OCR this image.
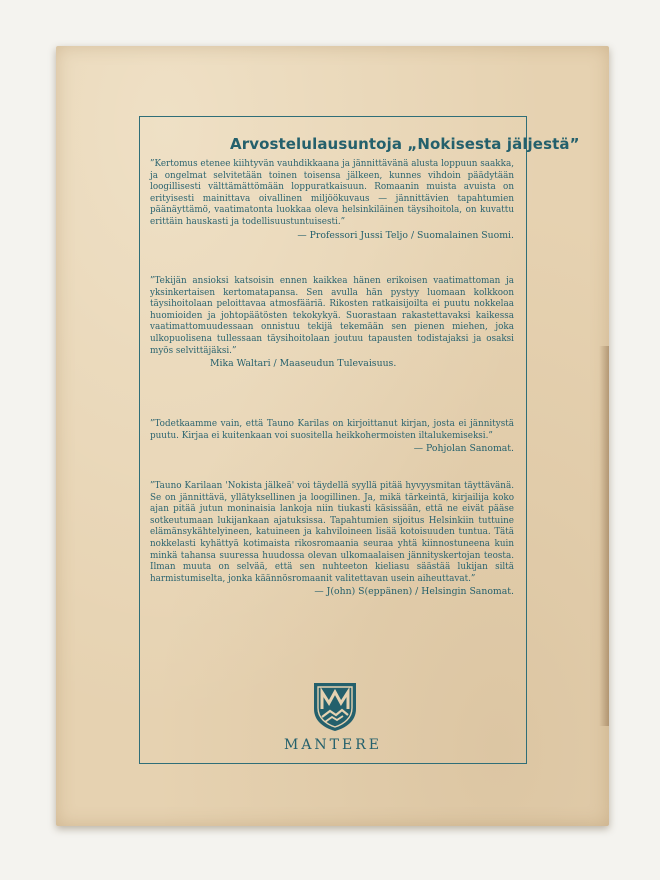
Arvostelulausuntoja „Nokisesta jäljestä”
”Kertomus etenee kiihtyvän vauhdikkaana ja jännittävänä alusta loppuun saakka, ja ongelmat selvitetään toinen toisensa jälkeen, kunnes vihdoin päädytään loogillisesti välttämättömään loppuratkaisuun. Romaanin muista avuista on erityisesti mainittava oivallinen miljöökuvaus — jännittävien tapahtumien päänäyttämö, vaatimatonta luokkaa oleva helsinkiläinen täysihoitola, on kuvattu erittäin hauskasti ja todellisuustuntuisesti.”
— Professori Jussi Teljo / Suomalainen Suomi.
”Tekijän ansioksi katsoisin ennen kaikkea hänen erikoisen vaatimattoman ja yksinkertaisen kertomatapansa. Sen avulla hän pystyy luomaan kolkkoon täysihoitolaan peloittavaa atmosfääriä. Rikosten ratkaisijoilta ei puutu nokkelaa huomioiden ja johtopäätösten tekokykyä. Suorastaan rakastettavaksi kaikessa vaatimattomuudessaan onnistuu tekijä tekemään sen pienen miehen, joka ulkopuolisena tullessaan täysihoitolaan joutuu tapausten todistajaksi ja osaksi myös selvittäjäksi.”
Mika Waltari / Maaseudun Tulevaisuus.
”Todetkaamme vain, että Tauno Karilas on kirjoittanut kirjan, josta ei jännitystä puutu. Kirjaa ei kuitenkaan voi suositella heikkohermoisten iltalukemiseksi.”
— Pohjolan Sanomat.
”Tauno Karilaan 'Nokista jälkeä' voi täydellä syyllä pitää hyvyysmitan täyttävänä. Se on jännittävä, yllätyksellinen ja loogillinen. Ja, mikä tärkeintä, kirjailija koko ajan pitää jutun moninaisia lankoja niin tiukasti käsissään, että ne eivät pääse sotkeutumaan lukijankaan ajatuksissa. Tapahtumien sijoitus Helsinkiin tuttuine elämänsykähtelyineen, katuineen ja kahviloineen lisää kotoisuuden tuntua. Tätä nokkelasti kyhättyä kotimaista rikosromaania seuraa yhtä kiinnostuneena kuin minkä tahansa suuressa huudossa olevan ulkomaalaisen jännityskertojan teosta. Ilman muuta on selvää, että sen nuhteeton kieliasu säästää lukijan siltä harmistumiselta, jonka käännösromaanit valitettavan usein aiheuttavat.”
— J(ohn) S(eppänen) / Helsingin Sanomat.
MANTERE
